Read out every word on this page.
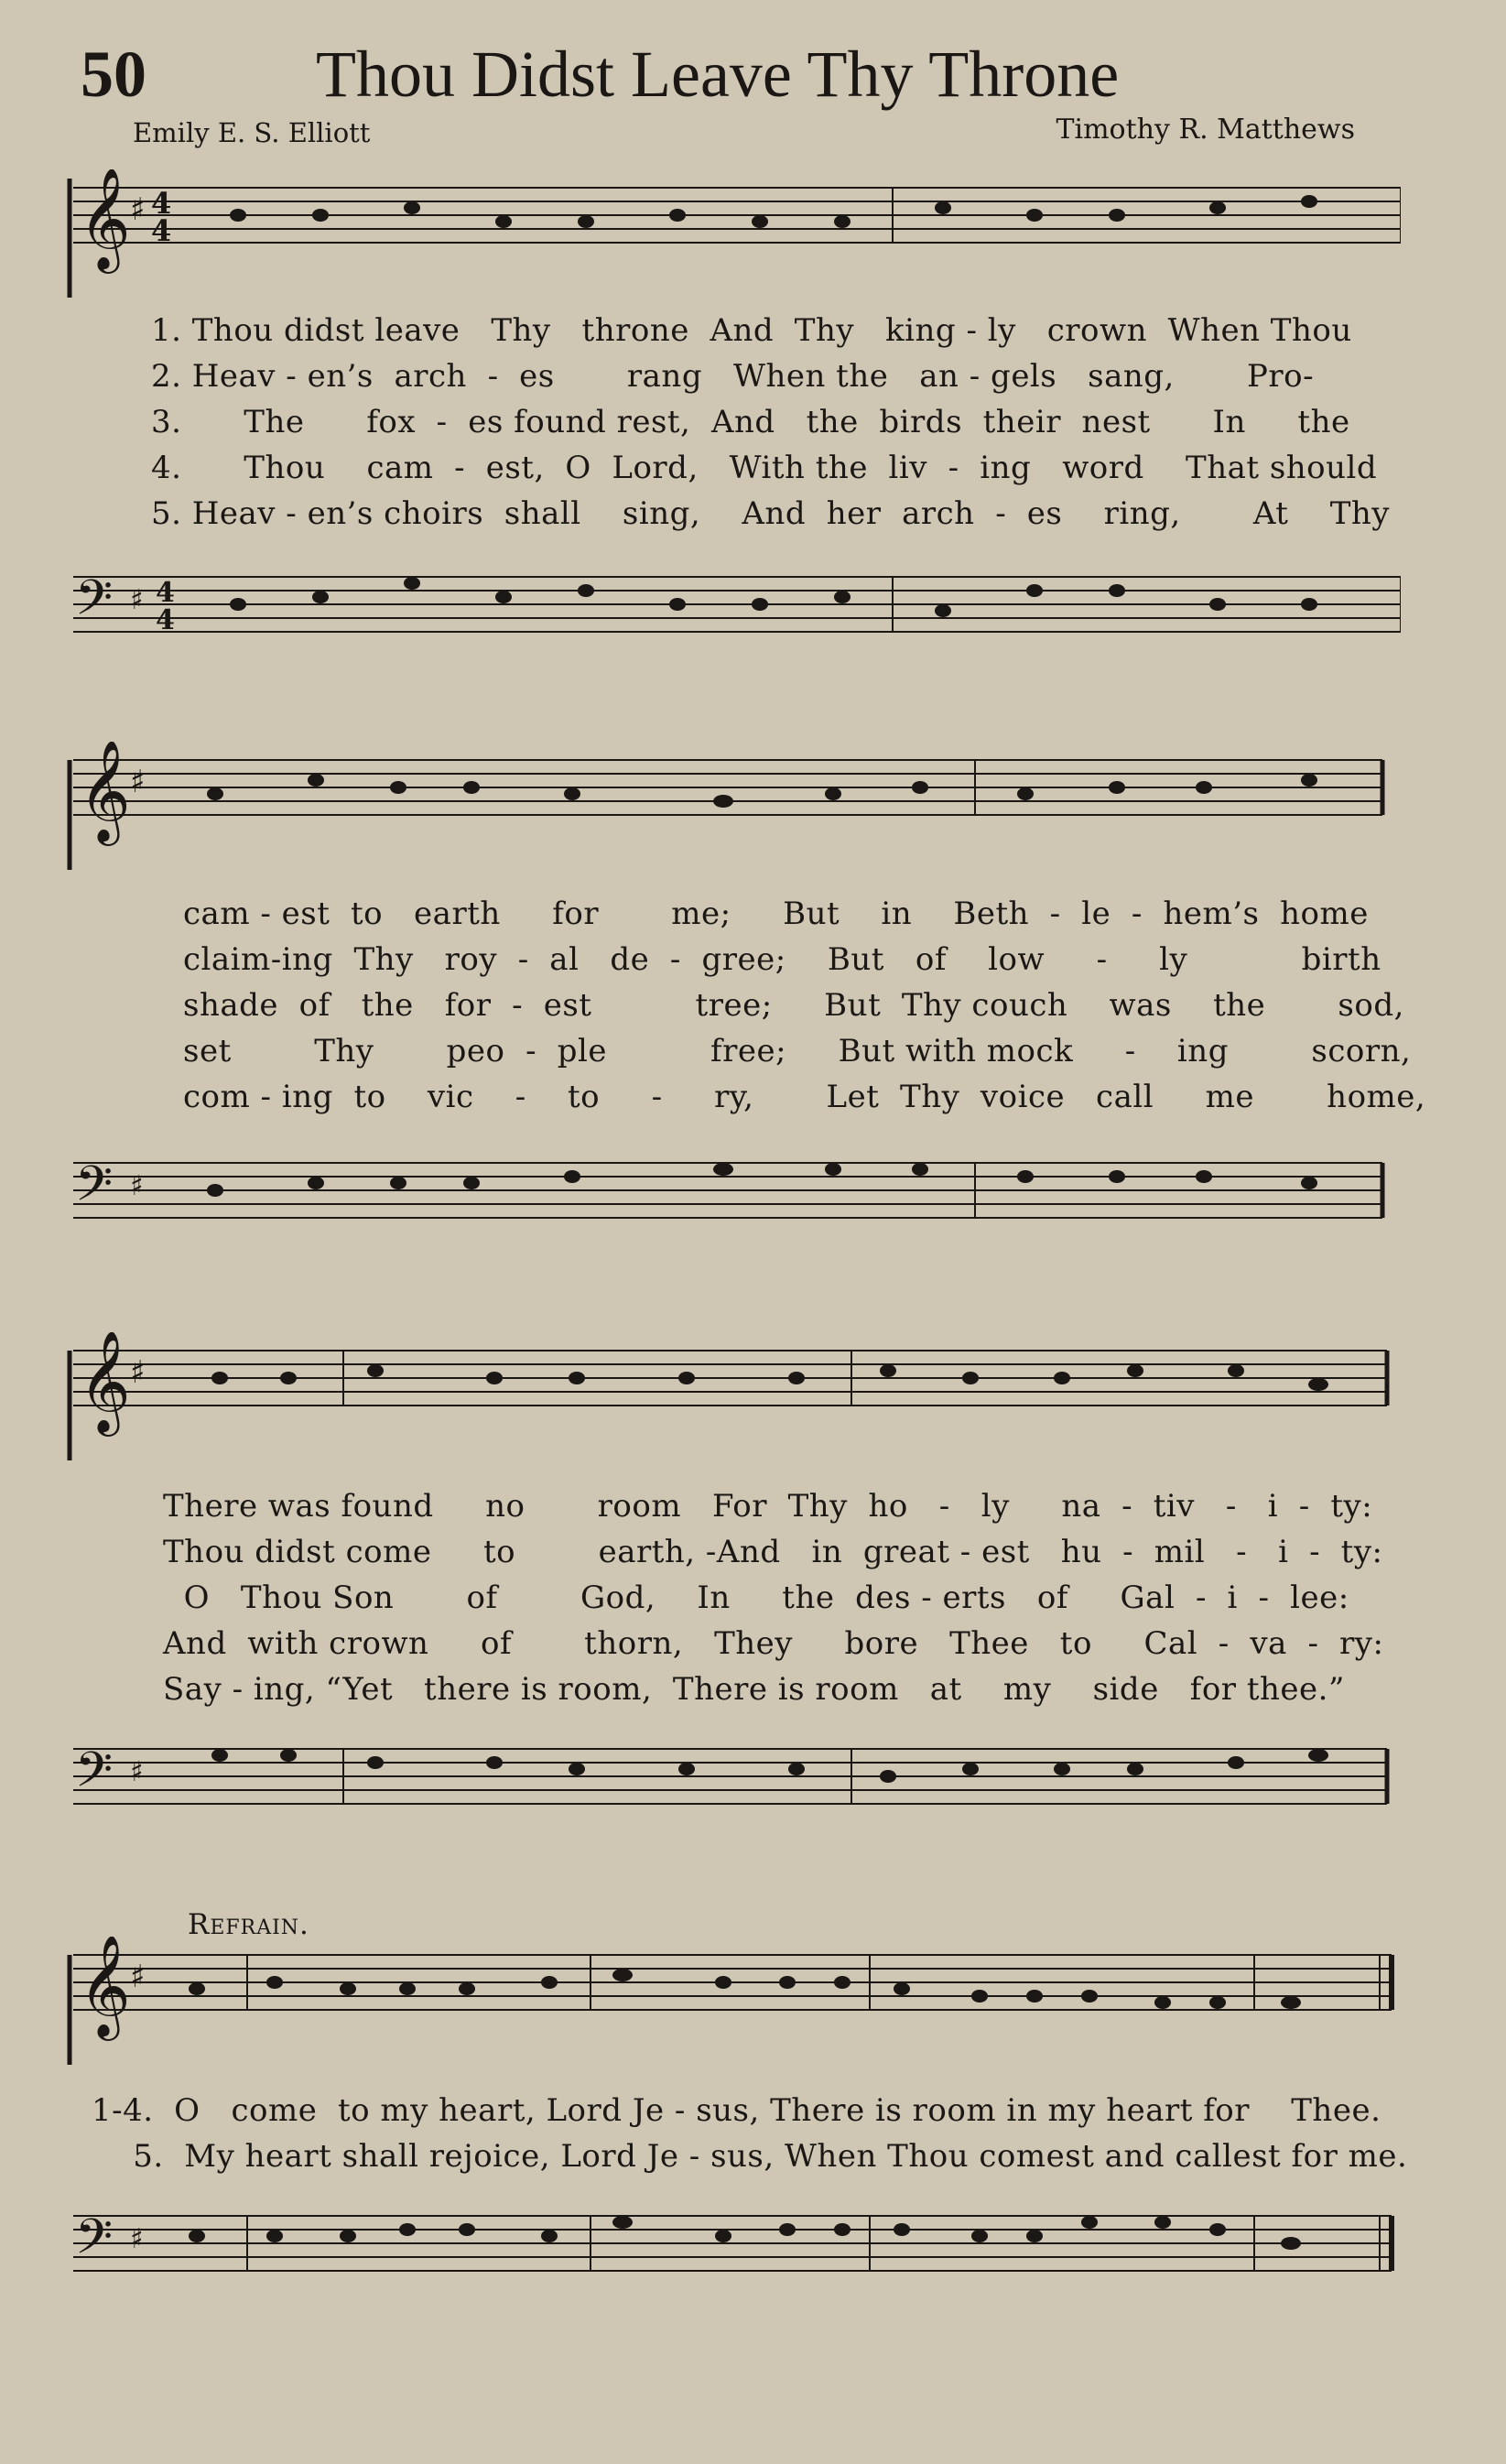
50	Thou Didst Leave Thy Throne
Emily E. S. Elliott	Timothy R. Matthews
𝄞 ♯ 4
4
𝄢 ♯ 4
4
1. Thou didst leave   Thy   throne  And  Thy   king - ly   crown  When Thou
2. Heav - en’s  arch  -  es       rang   When the   an - gels   sang,       Pro-
3.      The      fox  -  es found rest,  And   the  birds  their  nest      In     the
4.      Thou    cam  -  est,  O  Lord,   With the  liv  -  ing   word    That should
5. Heav - en’s choirs  shall    sing,    And  her  arch  -  es    ring,       At    Thy
𝄞 ♯
𝄢 ♯
cam - est  to   earth     for       me;     But    in    Beth  -  le  -  hem’s  home
claim-ing  Thy   roy  -  al   de  -  gree;    But   of    low     -     ly           birth
shade  of   the   for  -  est          tree;     But  Thy couch    was    the       sod,
set        Thy       peo  -  ple          free;     But with mock     -    ing        scorn,
com - ing  to    vic    -    to     -     ry,       Let  Thy  voice   call     me       home,
𝄞 ♯
𝄢 ♯
There was found     no       room   For  Thy  ho   -   ly     na  -  tiv   -   i  -  ty:
Thou didst come     to        earth, -And   in  great - est   hu  -  mil   -   i  -  ty:
O   Thou Son       of        God,    In     the  des - erts   of     Gal  -  i  -  lee:
And  with crown     of       thorn,   They     bore   Thee   to     Cal  -  va  -  ry:
Say - ing, “Yet   there is room,  There is room   at    my    side   for thee.”
Refrain.
𝄞 ♯
𝄢 ♯
1-4.  O   come  to my heart, Lord Je - sus, There is room in my heart for    Thee.
5.  My heart shall rejoice, Lord Je - sus, When Thou comest and callest for me.
